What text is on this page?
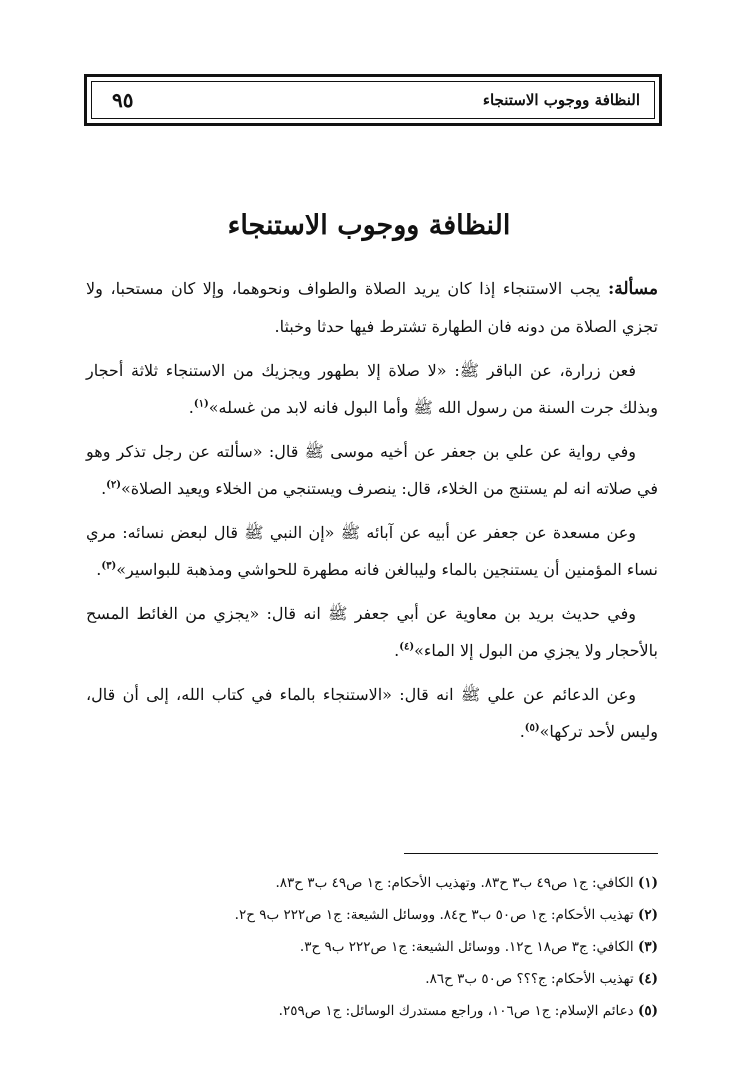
النظافة ووجوب الاستنجاء
٩٥
النظافة ووجوب الاستنجاء

مسألة: يجب الاستنجاء إذا كان يريد الصلاة والطواف ونحوهما، وإلا كان مستحبا، ولا تجزي الصلاة من دونه فان الطهارة تشترط فيها حدثا وخبثا.

فعن زرارة، عن الباقر ﷺ: «لا صلاة إلا بطهور ويجزيك من الاستنجاء ثلاثة أحجار وبذلك جرت السنة من رسول الله ﷺ وأما البول فانه لابد من غسله»$^{(١)}$.

وفي رواية عن علي بن جعفر عن أخيه موسى ﷺ قال: «سألته عن رجل تذكر وهو في صلاته انه لم يستنج من الخلاء، قال: ينصرف ويستنجي من الخلاء ويعيد الصلاة»$^{(٢)}$.

وعن مسعدة عن جعفر عن أبيه عن آبائه ﷺ «إن النبي ﷺ قال لبعض نسائه: مري نساء المؤمنين أن يستنجين بالماء وليبالغن فانه مطهرة للحواشي ومذهبة للبواسير»$^{(٣)}$.

وفي حديث بريد بن معاوية عن أبي جعفر ﷺ انه قال: «يجزي من الغائط المسح بالأحجار ولا يجزي من البول إلا الماء»$^{(٤)}$.

وعن الدعائم عن علي ﷺ انه قال: «الاستنجاء بالماء في كتاب الله، إلى أن قال، وليس لأحد تركها»$^{(٥)}$.

(١) الكافي: ج١ ص٤٩ ب٣ ح٨٣. وتهذيب الأحكام: ج١ ص٤٩ ب٣ ح٨٣.
(٢) تهذيب الأحكام: ج١ ص٥٠ ب٣ ح٨٤. ووسائل الشيعة: ج١ ص٢٢٢ ب٩ ح٢.
(٣) الكافي: ج٣ ص١٨ ح١٢. ووسائل الشيعة: ج١ ص٢٢٢ ب٩ ح٣.
(٤) تهذيب الأحكام: ج؟؟؟ ص٥٠ ب٣ ح٨٦.
(٥) دعائم الإسلام: ج١ ص١٠٦، وراجع مستدرك الوسائل: ج١ ص٢٥٩.
